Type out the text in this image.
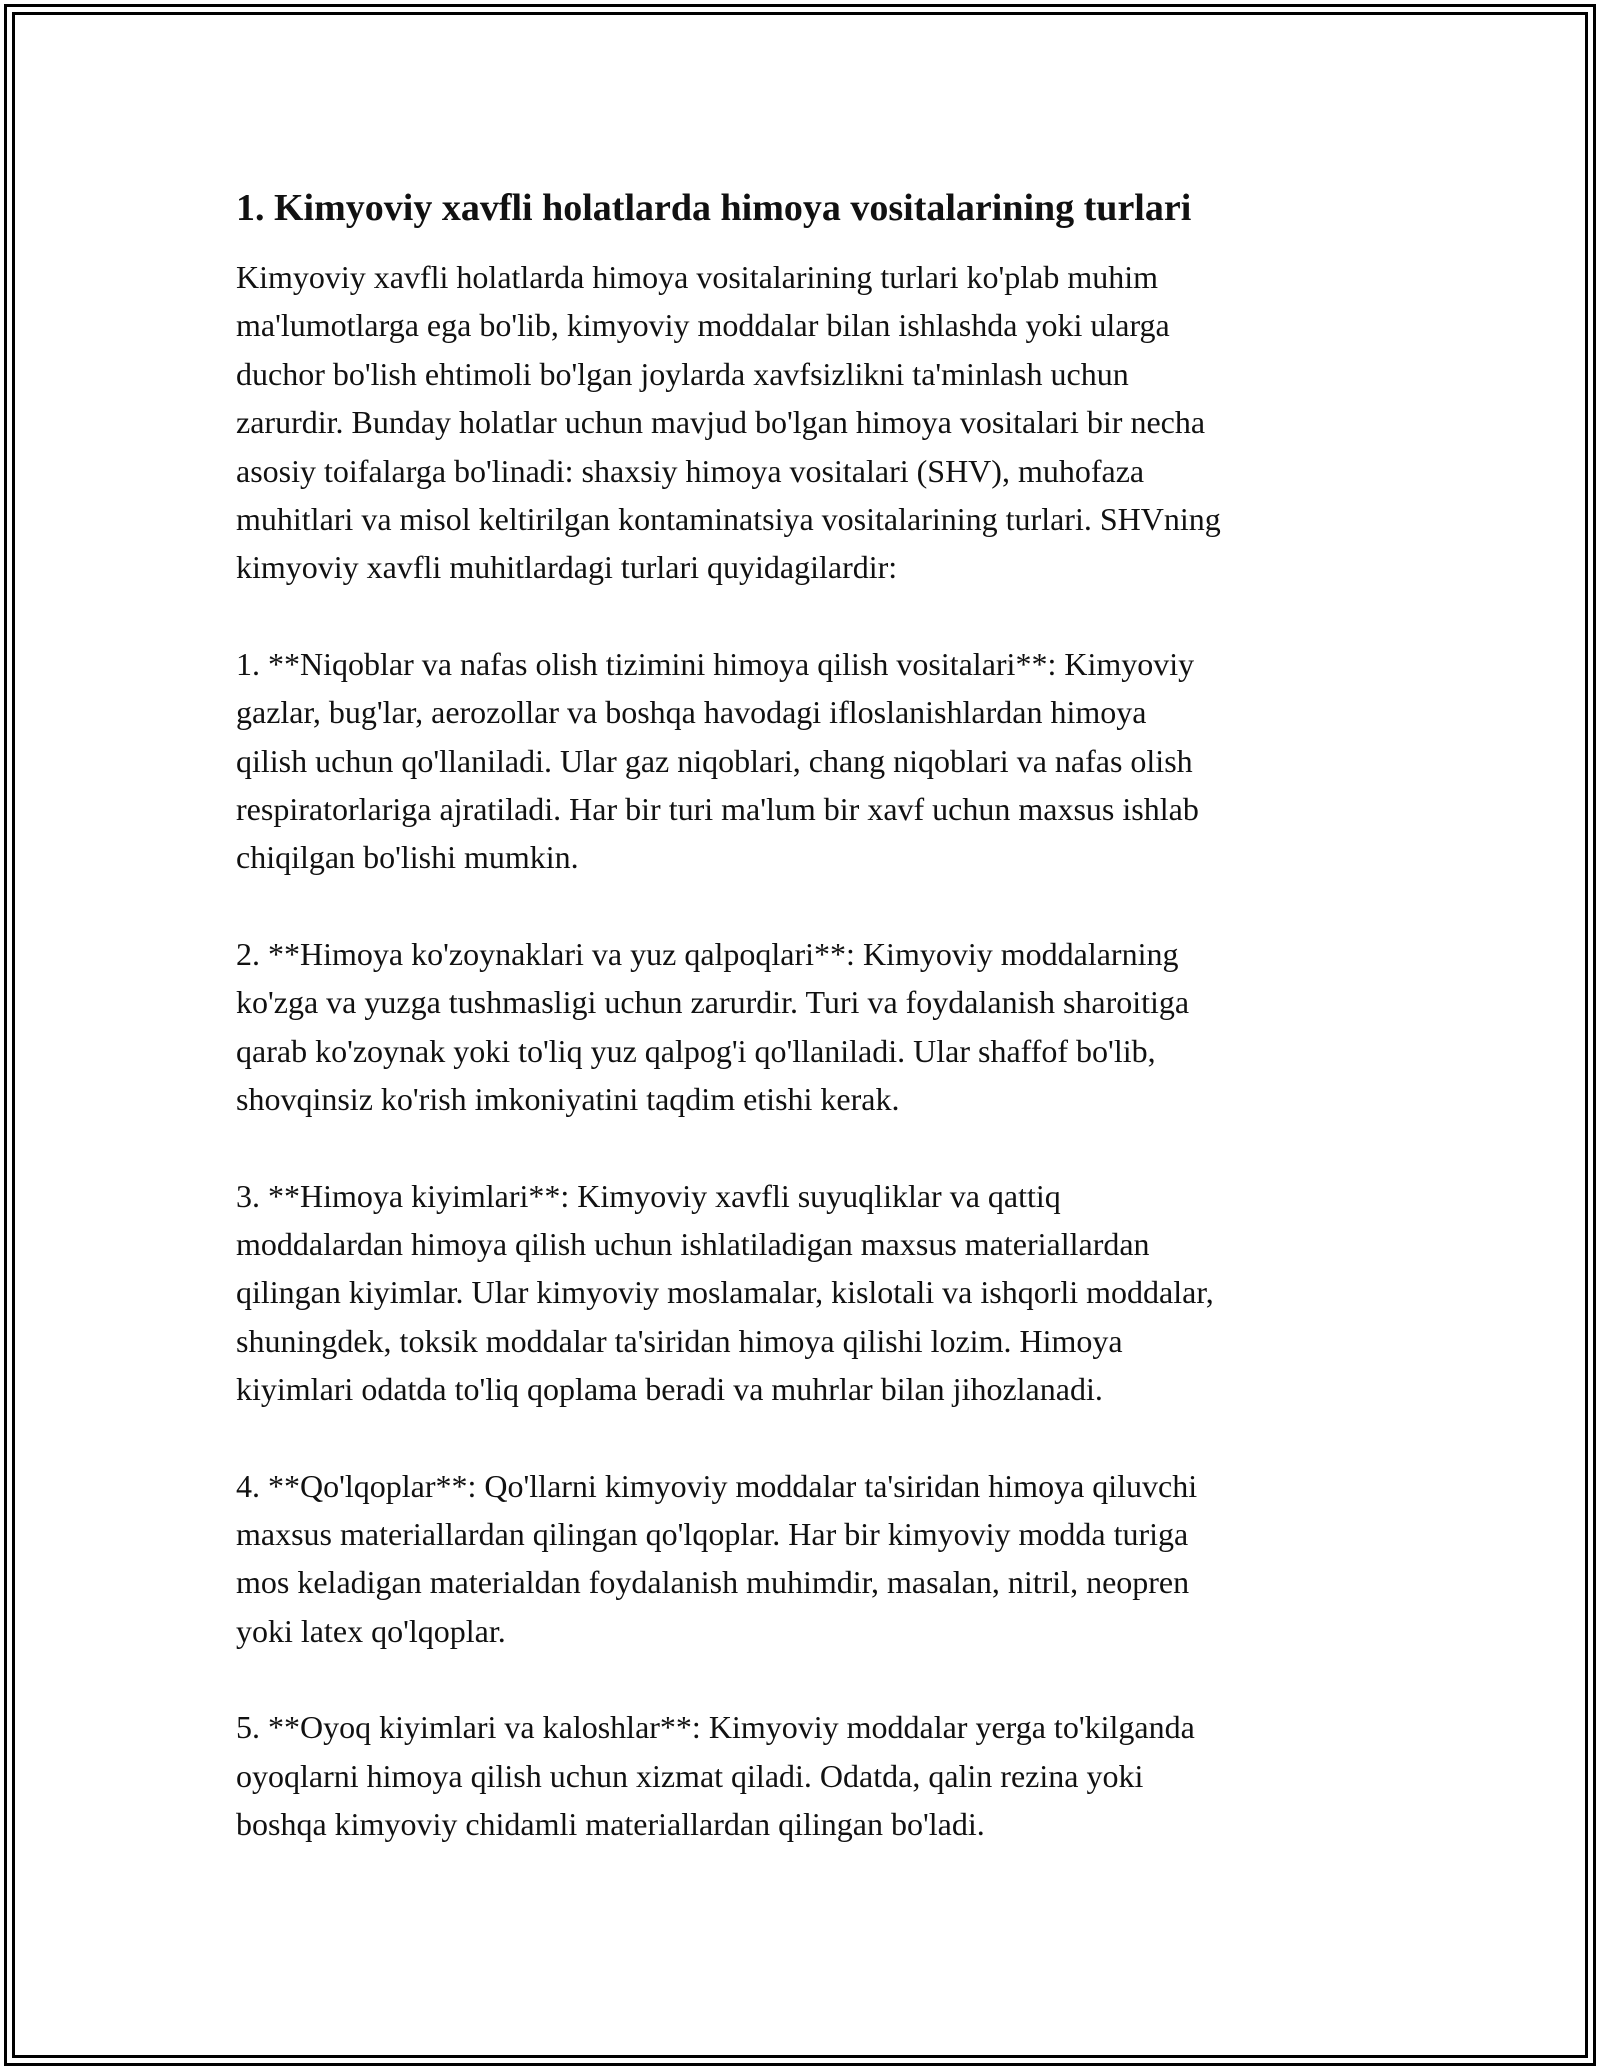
1. Kimyoviy xavfli holatlarda himoya vositalarining turlari

Kimyoviy xavfli holatlarda himoya vositalarining turlari ko'plab muhim
ma'lumotlarga ega bo'lib, kimyoviy moddalar bilan ishlashda yoki ularga
duchor bo'lish ehtimoli bo'lgan joylarda xavfsizlikni ta'minlash uchun
zarurdir. Bunday holatlar uchun mavjud bo'lgan himoya vositalari bir necha
asosiy toifalarga bo'linadi: shaxsiy himoya vositalari (SHV), muhofaza
muhitlari va misol keltirilgan kontaminatsiya vositalarining turlari. SHVning
kimyoviy xavfli muhitlardagi turlari quyidagilardir:

1. **Niqoblar va nafas olish tizimini himoya qilish vositalari**: Kimyoviy
gazlar, bug'lar, aerozollar va boshqa havodagi ifloslanishlardan himoya
qilish uchun qo'llaniladi. Ular gaz niqoblari, chang niqoblari va nafas olish
respiratorlariga ajratiladi. Har bir turi ma'lum bir xavf uchun maxsus ishlab
chiqilgan bo'lishi mumkin.

2. **Himoya ko'zoynaklari va yuz qalpoqlari**: Kimyoviy moddalarning
ko'zga va yuzga tushmasligi uchun zarurdir. Turi va foydalanish sharoitiga
qarab ko'zoynak yoki to'liq yuz qalpog'i qo'llaniladi. Ular shaffof bo'lib,
shovqinsiz ko'rish imkoniyatini taqdim etishi kerak.

3. **Himoya kiyimlari**: Kimyoviy xavfli suyuqliklar va qattiq
moddalardan himoya qilish uchun ishlatiladigan maxsus materiallardan
qilingan kiyimlar. Ular kimyoviy moslamalar, kislotali va ishqorli moddalar,
shuningdek, toksik moddalar ta'siridan himoya qilishi lozim. Himoya
kiyimlari odatda to'liq qoplama beradi va muhrlar bilan jihozlanadi.

4. **Qo'lqoplar**: Qo'llarni kimyoviy moddalar ta'siridan himoya qiluvchi
maxsus materiallardan qilingan qo'lqoplar. Har bir kimyoviy modda turiga
mos keladigan materialdan foydalanish muhimdir, masalan, nitril, neopren
yoki latex qo'lqoplar.

5. **Oyoq kiyimlari va kaloshlar**: Kimyoviy moddalar yerga to'kilganda
oyoqlarni himoya qilish uchun xizmat qiladi. Odatda, qalin rezina yoki
boshqa kimyoviy chidamli materiallardan qilingan bo'ladi.
